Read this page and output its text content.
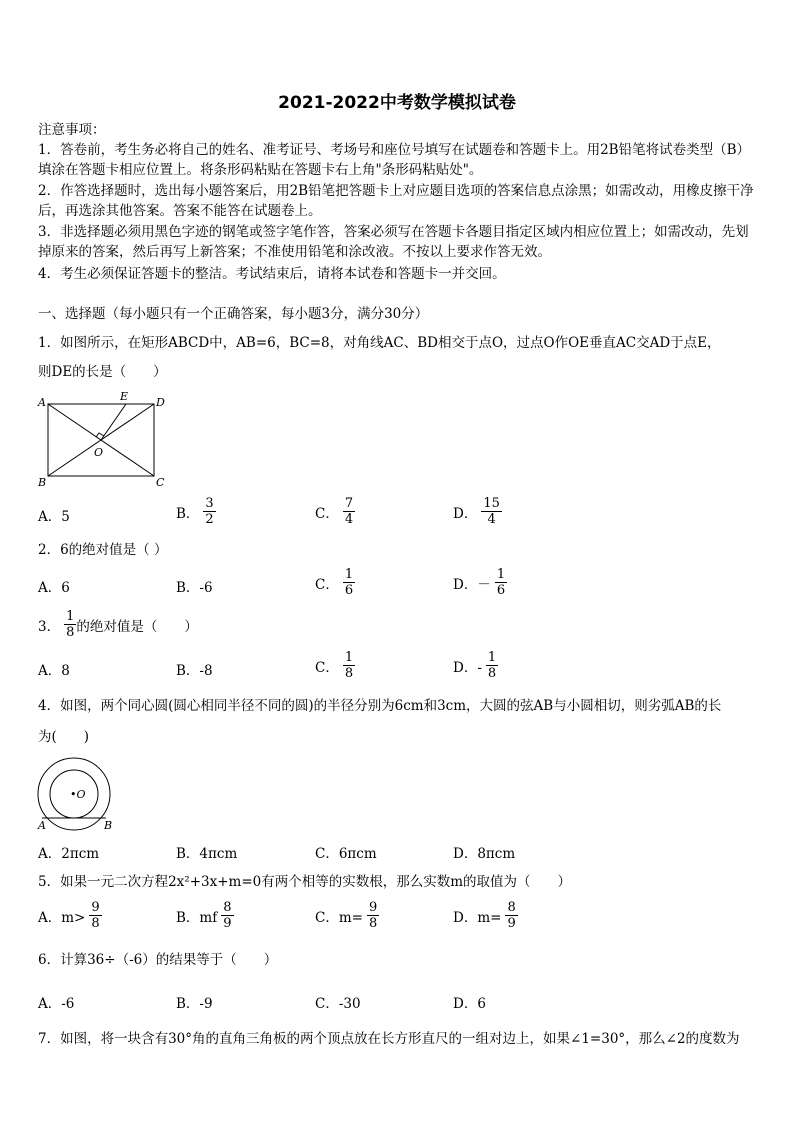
2021-2022中考数学模拟试卷
注意事项：
1．答卷前，考生务必将自己的姓名、准考证号、考场号和座位号填写在试题卷和答题卡上。用2B铅笔将试卷类型（B）填涂在答题卡相应位置上。将条形码粘贴在答题卡右上角"条形码粘贴处"。
2．作答选择题时，选出每小题答案后，用2B铅笔把答题卡上对应题目选项的答案信息点涂黑；如需改动，用橡皮擦干净后，再选涂其他答案。答案不能答在试题卷上。
3．非选择题必须用黑色字迹的钢笔或签字笔作答，答案必须写在答题卡各题目指定区域内相应位置上；如需改动，先划掉原来的答案，然后再写上新答案；不准使用铅笔和涂改液。不按以上要求作答无效。
4．考生必须保证答题卡的整洁。考试结束后，请将本试卷和答题卡一并交回。
一、选择题（每小题只有一个正确答案，每小题3分，满分30分）
1．如图所示，在矩形ABCD中，AB=6，BC=8，对角线AC、BD相交于点O，过点O作OE垂直AC交AD于点E，
则DE的长是（　　）
A	D
E
B	C
O
A．5	B． $\frac{3}{2}$	C． $\frac{7}{4}$	D． $\frac{15}{4}$
2．6的绝对值是（ ）
A．6	B．-6	C． $\frac{1}{6}$	D．－ $\frac{1}{6}$
3． $\frac{1}{8}$ 的绝对值是（　　）
A．8	B．-8	C． $\frac{1}{8}$	D．- $\frac{1}{8}$
4．如图，两个同心圆(圆心相同半径不同的圆)的半径分别为6cm和3cm，大圆的弦AB与小圆相切，则劣弧AB的长
为(　　)
•O
A	B
A．2πcm	B．4πcm	C．6πcm	D．8πcm
5．如果一元二次方程2x²+3x+m=0有两个相等的实数根，那么实数m的取值为（　　）
A．$m> \frac{9}{8}$	B．mf $\frac{8}{9}$	C．$m= \frac{9}{8}$	D．$m= \frac{8}{9}$
6．计算36÷（-6）的结果等于（　　）
A．-6	B．-9	C．-30	D．6
7．如图，将一块含有30°角的直角三角板的两个顶点放在长方形直尺的一组对边上，如果∠1=30°，那么∠2的度数为
